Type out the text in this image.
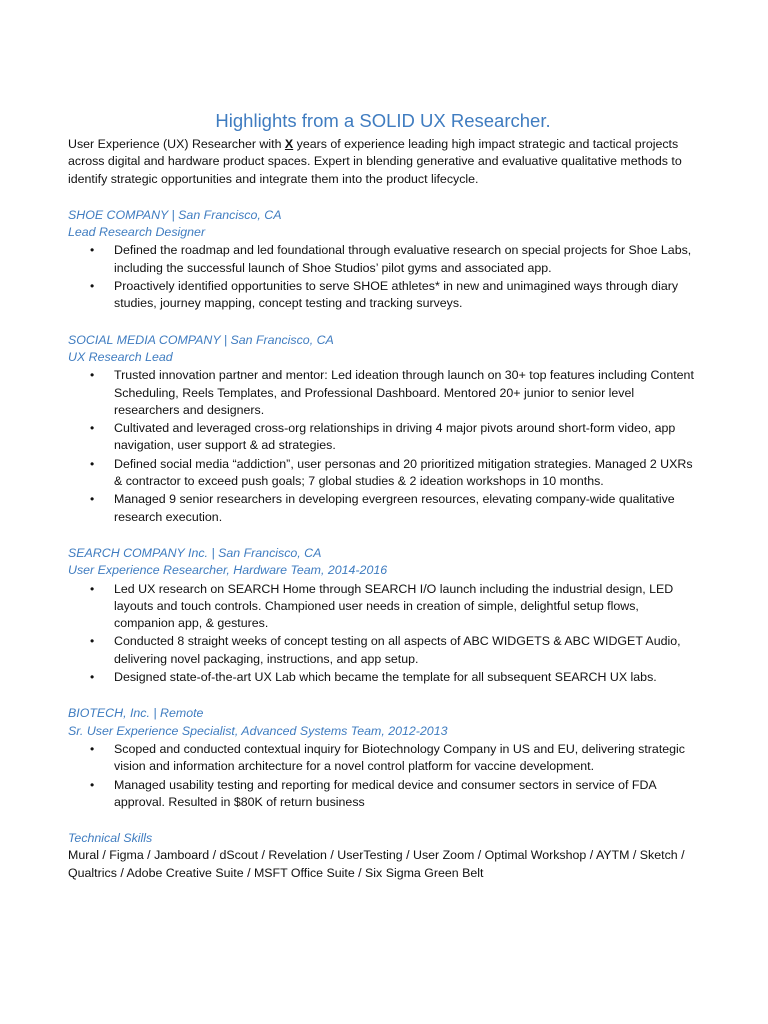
Highlights from a SOLID UX Researcher.

User Experience (UX) Researcher with X years of experience leading high impact strategic and tactical projects across digital and hardware product spaces. Expert in blending generative and evaluative qualitative methods to identify strategic opportunities and integrate them into the product lifecycle.

SHOE COMPANY | San Francisco, CA
Lead Research Designer
• Defined the roadmap and led foundational through evaluative research on special projects for Shoe Labs, including the successful launch of Shoe Studios’ pilot gyms and associated app.
• Proactively identified opportunities to serve SHOE athletes* in new and unimagined ways through diary studies, journey mapping, concept testing and tracking surveys.
SOCIAL MEDIA COMPANY | San Francisco, CA
UX Research Lead
• Trusted innovation partner and mentor: Led ideation through launch on 30+ top features including Content Scheduling, Reels Templates, and Professional Dashboard. Mentored 20+ junior to senior level researchers and designers.
• Cultivated and leveraged cross-org relationships in driving 4 major pivots around short-form video, app navigation, user support & ad strategies.
• Defined social media “addiction”, user personas and 20 prioritized mitigation strategies. Managed 2 UXRs & contractor to exceed push goals; 7 global studies & 2 ideation workshops in 10 months.
• Managed 9 senior researchers in developing evergreen resources, elevating company-wide qualitative research execution.
SEARCH COMPANY Inc. | San Francisco, CA
User Experience Researcher, Hardware Team, 2014-2016
• Led UX research on SEARCH Home through SEARCH I/O launch including the industrial design, LED layouts and touch controls. Championed user needs in creation of simple, delightful setup flows, companion app, & gestures.
• Conducted 8 straight weeks of concept testing on all aspects of ABC WIDGETS & ABC WIDGET Audio, delivering novel packaging, instructions, and app setup.
• Designed state-of-the-art UX Lab which became the template for all subsequent SEARCH UX labs.
BIOTECH, Inc. | Remote
Sr. User Experience Specialist, Advanced Systems Team, 2012-2013
• Scoped and conducted contextual inquiry for Biotechnology Company in US and EU, delivering strategic vision and information architecture for a novel control platform for vaccine development.
• Managed usability testing and reporting for medical device and consumer sectors in service of FDA approval. Resulted in $80K of return business
Technical Skills

Mural / Figma / Jamboard / dScout / Revelation / UserTesting / User Zoom / Optimal Workshop / AYTM / Sketch / Qualtrics / Adobe Creative Suite / MSFT Office Suite / Six Sigma Green Belt
